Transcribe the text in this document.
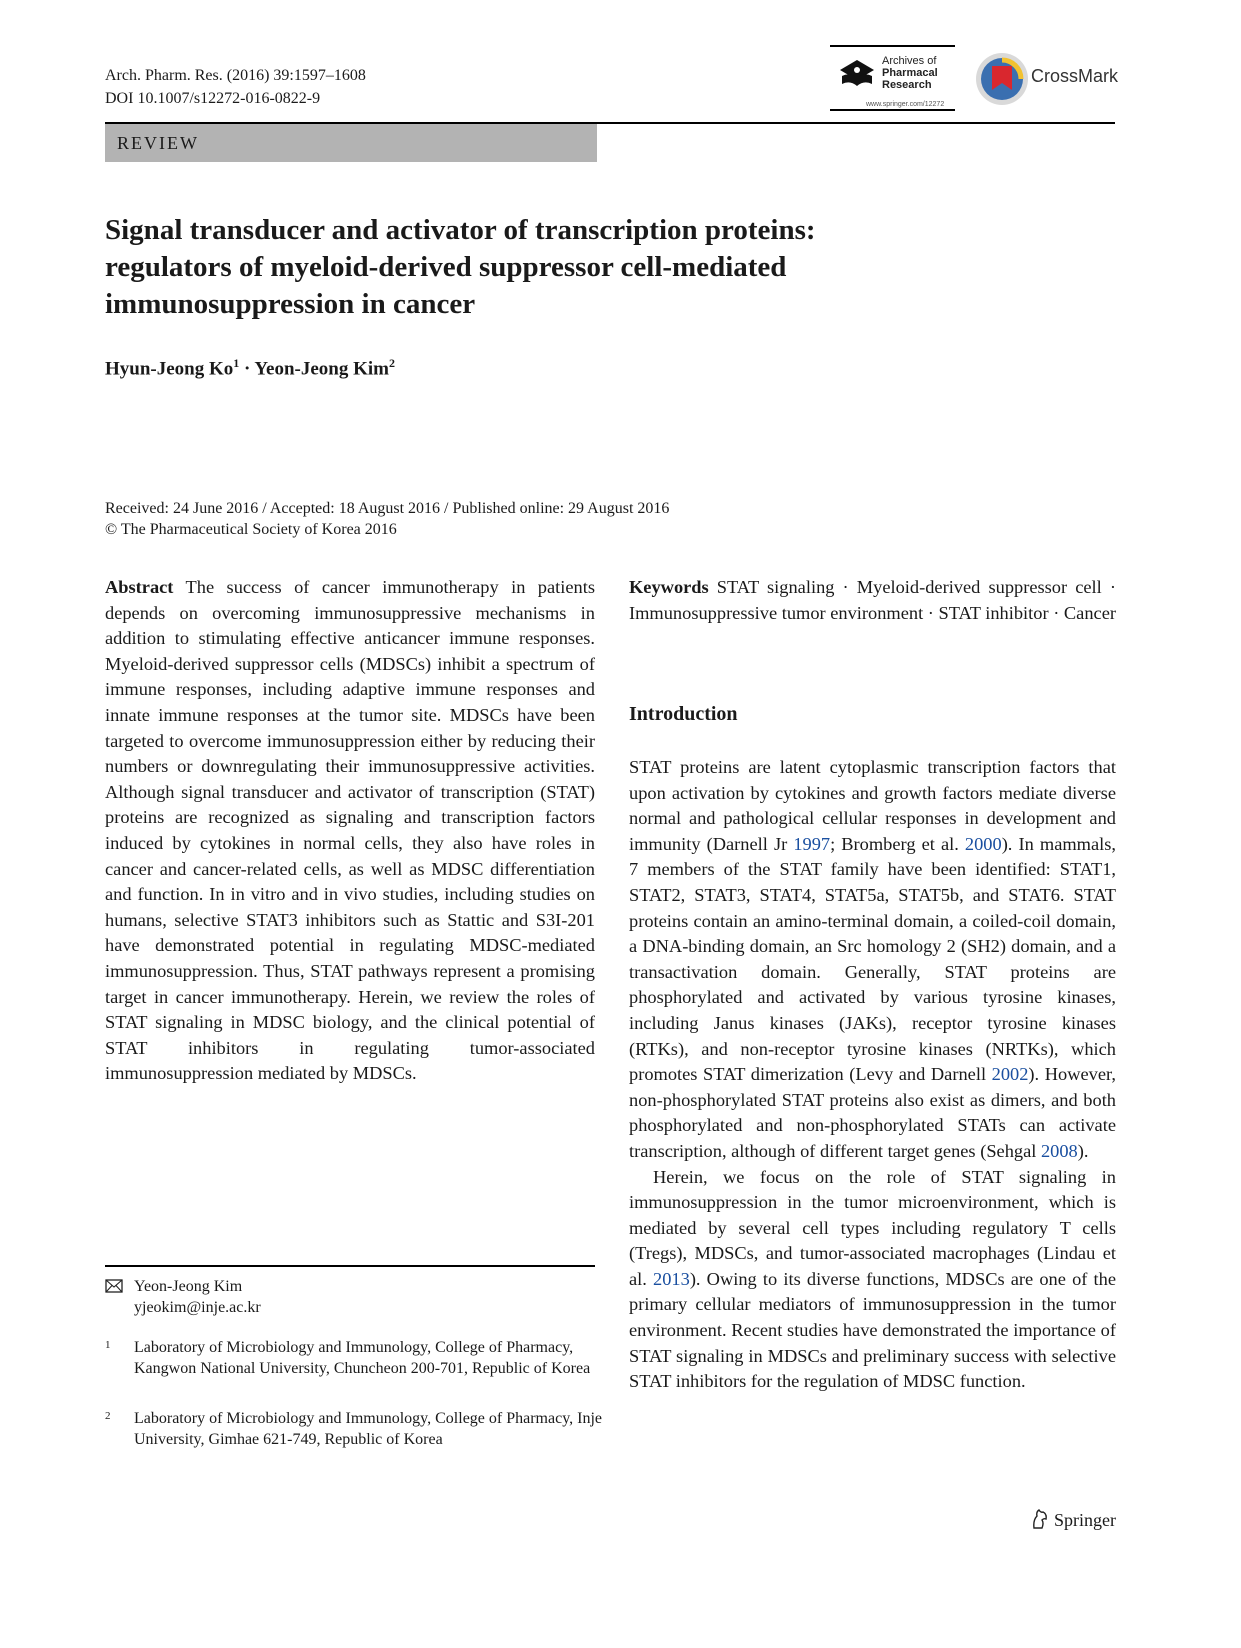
Arch. Pharm. Res. (2016) 39:1597–1608
DOI 10.1007/s12272-016-0822-9
Archives of
Pharmacal
Research
www.springer.com/12272
CrossMark
REVIEW
Signal transducer and activator of transcription proteins:
regulators of myeloid-derived suppressor cell-mediated
immunosuppression in cancer
Hyun-Jeong $Ko^1$ · Yeon-Jeong Kim$^2$
Received: 24 June 2016 / Accepted: 18 August 2016 / Published online: 29 August 2016
© The Pharmaceutical Society of Korea 2016

Abstract The success of cancer immunotherapy in patients depends on overcoming immunosuppressive mechanisms in addition to stimulating effective anticancer immune responses. Myeloid-derived suppressor cells (MDSCs) inhibit a spectrum of immune responses, including adaptive immune responses and innate immune responses at the tumor site. MDSCs have been targeted to overcome immunosuppression either by reducing their numbers or downregulating their immunosuppressive activities. Although signal transducer and activator of transcription (STAT) proteins are recognized as signaling and transcription factors induced by cytokines in normal cells, they also have roles in cancer and cancer-related cells, as well as MDSC differentiation and function. In in vitro and in vivo studies, including studies on humans, selective STAT3 inhibitors such as Stattic and S3I-201 have demonstrated potential in regulating MDSC-mediated immunosuppression. Thus, STAT pathways represent a promising target in cancer immunotherapy. Herein, we review the roles of STAT signaling in MDSC biology, and the clinical potential of STAT inhibitors in regulating tumor-associated immunosuppression mediated by MDSCs.

Keywords STAT signaling · Myeloid-derived suppressor cell · Immunosuppressive tumor environment · STAT inhibitor · Cancer

Introduction

STAT proteins are latent cytoplasmic transcription factors that upon activation by cytokines and growth factors mediate diverse normal and pathological cellular responses in development and immunity (Darnell Jr 1997; Bromberg et al. 2000). In mammals, 7 members of the STAT family have been identified: STAT1, STAT2, STAT3, STAT4, STAT5a, STAT5b, and STAT6. STAT proteins contain an amino-terminal domain, a coiled-coil domain, a DNA-binding domain, an Src homology 2 (SH2) domain, and a transactivation domain. Generally, STAT proteins are phosphorylated and activated by various tyrosine kinases, including Janus kinases (JAKs), receptor tyrosine kinases (RTKs), and non-receptor tyrosine kinases (NRTKs), which promotes STAT dimerization (Levy and Darnell 2002). However, non-phosphorylated STAT proteins also exist as dimers, and both phosphorylated and non-phosphorylated STATs can activate transcription, although of different target genes (Sehgal 2008).

Herein, we focus on the role of STAT signaling in immunosuppression in the tumor microenvironment, which is mediated by several cell types including regulatory T cells (Tregs), MDSCs, and tumor-associated macrophages (Lindau et al. 2013). Owing to its diverse functions, MDSCs are one of the primary cellular mediators of immunosuppression in the tumor environment. Recent studies have demonstrated the importance of STAT signaling in MDSCs and preliminary success with selective STAT inhibitors for the regulation of MDSC function.

Yeon-Jeong Kim
yjeokim@inje.ac.kr
1 Laboratory of Microbiology and Immunology, College of Pharmacy, Kangwon National University, Chuncheon 200-701, Republic of Korea
2 Laboratory of Microbiology and Immunology, College of Pharmacy, Inje University, Gimhae 621-749, Republic of Korea
Springer
